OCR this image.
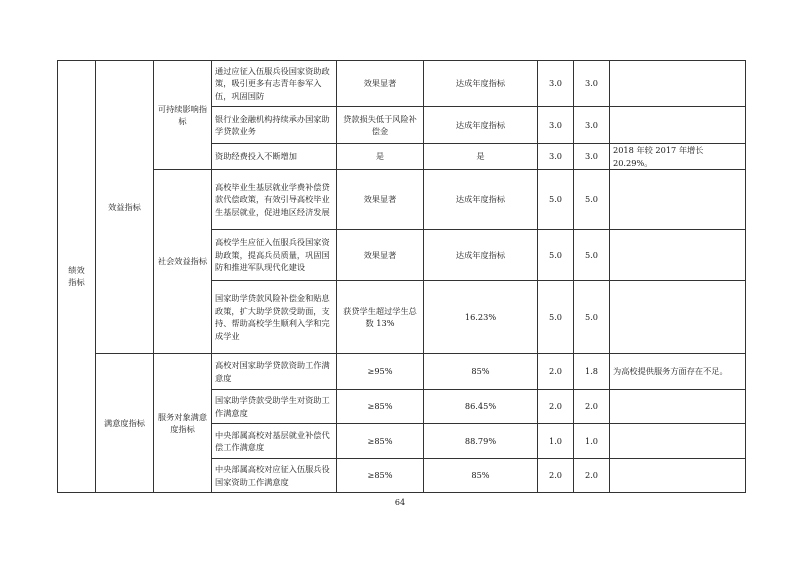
绩效指标	效益指标	可持续影响指标	通过应征入伍服兵役国家资助政策，吸引更多有志青年参军入伍，巩固国防	效果显著	达成年度指标	3.0	3.0	
			银行业金融机构持续承办国家助学贷款业务	贷款损失低于风险补偿金	达成年度指标	3.0	3.0	
			资助经费投入不断增加	是	是	3.0	3.0	2018 年较 2017 年增长 20.29%。
		社会效益指标	高校毕业生基层就业学费补偿贷款代偿政策，有效引导高校毕业生基层就业，促进地区经济发展	效果显著	达成年度指标	5.0	5.0	
			高校学生应征入伍服兵役国家资助政策，提高兵员质量，巩固国防和推进军队现代化建设	效果显著	达成年度指标	5.0	5.0	
			国家助学贷款风险补偿金和贴息政策，扩大助学贷款受助面，支持、帮助高校学生顺利入学和完成学业	获贷学生超过学生总数 13%	16.23%	5.0	5.0	
	满意度指标	服务对象满意度指标	高校对国家助学贷款资助工作满意度	≥95%	85%	2.0	1.8	为高校提供服务方面存在不足。
			国家助学贷款受助学生对资助工作满意度	≥85%	86.45%	2.0	2.0	
			中央部属高校对基层就业补偿代偿工作满意度	≥85%	88.79%	1.0	1.0	
			中央部属高校对应征入伍服兵役国家资助工作满意度	≥85%	85%	2.0	2.0	
64
